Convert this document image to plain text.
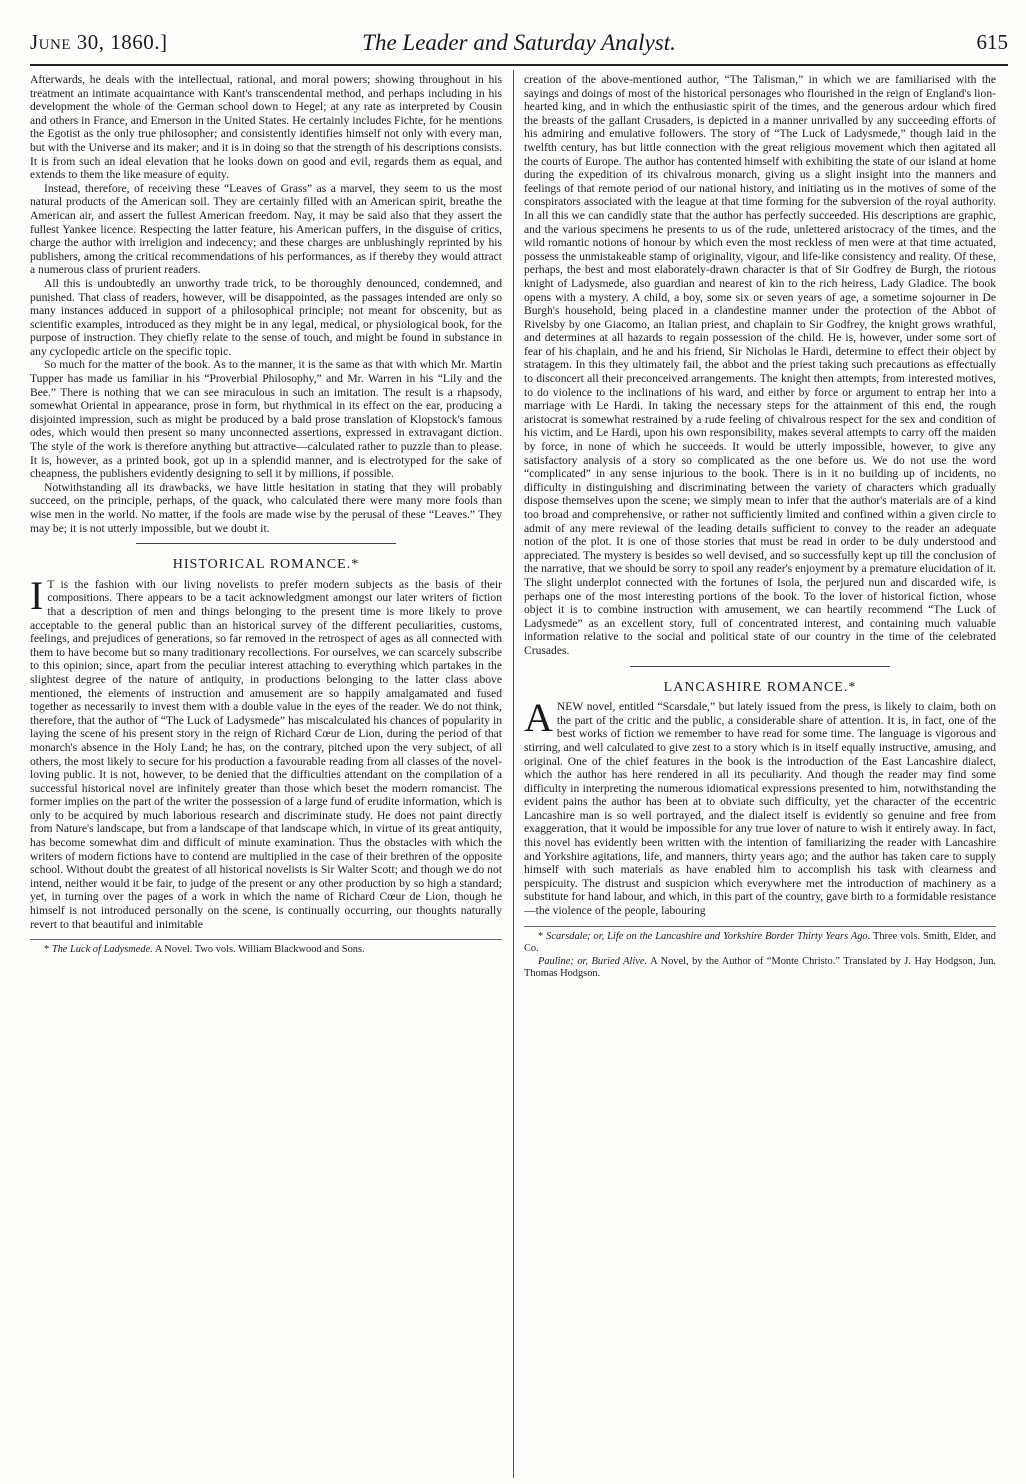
June 30, 1860.]	The Leader and Saturday Analyst.	615

Afterwards, he deals with the intellectual, rational, and moral powers; showing throughout in his treatment an intimate acquaintance with Kant's transcendental method, and perhaps including in his development the whole of the German school down to Hegel; at any rate as interpreted by Cousin and others in France, and Emerson in the United States. He certainly includes Fichte, for he mentions the Egotist as the only true philosopher; and consistently identifies himself not only with every man, but with the Universe and its maker; and it is in doing so that the strength of his descriptions consists. It is from such an ideal elevation that he looks down on good and evil, regards them as equal, and extends to them the like measure of equity.

Instead, therefore, of receiving these “Leaves of Grass” as a marvel, they seem to us the most natural products of the American soil. They are certainly filled with an American spirit, breathe the American air, and assert the fullest American freedom. Nay, it may be said also that they assert the fullest Yankee licence. Respecting the latter feature, his American puffers, in the disguise of critics, charge the author with irreligion and indecency; and these charges are unblushingly reprinted by his publishers, among the critical recommendations of his performances, as if thereby they would attract a numerous class of prurient readers.

All this is undoubtedly an unworthy trade trick, to be thoroughly denounced, condemned, and punished. That class of readers, however, will be disappointed, as the passages intended are only so many instances adduced in support of a philosophical principle; not meant for obscenity, but as scientific examples, introduced as they might be in any legal, medical, or physiological book, for the purpose of instruction. They chiefly relate to the sense of touch, and might be found in substance in any cyclopedic article on the specific topic.

So much for the matter of the book. As to the manner, it is the same as that with which Mr. Martin Tupper has made us familiar in his “Proverbial Philosophy,” and Mr. Warren in his “Lily and the Bee.” There is nothing that we can see miraculous in such an imitation. The result is a rhapsody, somewhat Oriental in appearance, prose in form, but rhythmical in its effect on the ear, producing a disjointed impression, such as might be produced by a bald prose translation of Klopstock's famous odes, which would then present so many unconnected assertions, expressed in extravagant diction. The style of the work is therefore anything but attractive—calculated rather to puzzle than to please. It is, however, as a printed book, got up in a splendid manner, and is electrotyped for the sake of cheapness, the publishers evidently designing to sell it by millions, if possible.

Notwithstanding all its drawbacks, we have little hesitation in stating that they will probably succeed, on the principle, perhaps, of the quack, who calculated there were many more fools than wise men in the world. No matter, if the fools are made wise by the perusal of these “Leaves.” They may be; it is not utterly impossible, but we doubt it.

HISTORICAL ROMANCE.*

I T is the fashion with our living novelists to prefer modern subjects as the basis of their compositions. There appears to be a tacit acknowledgment amongst our later writers of fiction that a description of men and things belonging to the present time is more likely to prove acceptable to the general public than an historical survey of the different peculiarities, customs, feelings, and prejudices of generations, so far removed in the retrospect of ages as all connected with them to have become but so many traditionary recollections. For ourselves, we can scarcely subscribe to this opinion; since, apart from the peculiar interest attaching to everything which partakes in the slightest degree of the nature of antiquity, in productions belonging to the latter class above mentioned, the elements of instruction and amusement are so happily amalgamated and fused together as necessarily to invest them with a double value in the eyes of the reader. We do not think, therefore, that the author of “The Luck of Ladysmede” has miscalculated his chances of popularity in laying the scene of his present story in the reign of Richard Cœur de Lion, during the period of that monarch's absence in the Holy Land; he has, on the contrary, pitched upon the very subject, of all others, the most likely to secure for his production a favourable reading from all classes of the novel-loving public. It is not, however, to be denied that the difficulties attendant on the compilation of a successful historical novel are infinitely greater than those which beset the modern romancist. The former implies on the part of the writer the possession of a large fund of erudite information, which is only to be acquired by much laborious research and discriminate study. He does not paint directly from Nature's landscape, but from a landscape of that landscape which, in virtue of its great antiquity, has become somewhat dim and difficult of minute examination. Thus the obstacles with which the writers of modern fictions have to contend are multiplied in the case of their brethren of the opposite school. Without doubt the greatest of all historical novelists is Sir Walter Scott; and though we do not intend, neither would it be fair, to judge of the present or any other production by so high a standard; yet, in turning over the pages of a work in which the name of Richard Cœur de Lion, though he himself is not introduced personally on the scene, is continually occurring, our thoughts naturally revert to that beautiful and inimitable

* The Luck of Ladysmede. A Novel. Two vols. William Blackwood and Sons.

creation of the above-mentioned author, “The Talisman,” in which we are familiarised with the sayings and doings of most of the historical personages who flourished in the reign of England's lion-hearted king, and in which the enthusiastic spirit of the times, and the generous ardour which fired the breasts of the gallant Crusaders, is depicted in a manner unrivalled by any succeeding efforts of his admiring and emulative followers. The story of “The Luck of Ladysmede,” though laid in the twelfth century, has but little connection with the great religious movement which then agitated all the courts of Europe. The author has contented himself with exhibiting the state of our island at home during the expedition of its chivalrous monarch, giving us a slight insight into the manners and feelings of that remote period of our national history, and initiating us in the motives of some of the conspirators associated with the league at that time forming for the subversion of the royal authority. In all this we can candidly state that the author has perfectly succeeded. His descriptions are graphic, and the various specimens he presents to us of the rude, unlettered aristocracy of the times, and the wild romantic notions of honour by which even the most reckless of men were at that time actuated, possess the unmistakeable stamp of originality, vigour, and life-like consistency and reality. Of these, perhaps, the best and most elaborately-drawn character is that of Sir Godfrey de Burgh, the riotous knight of Ladysmede, also guardian and nearest of kin to the rich heiress, Lady Gladice. The book opens with a mystery. A child, a boy, some six or seven years of age, a sometime sojourner in De Burgh's household, being placed in a clandestine manner under the protection of the Abbot of Rivelsby by one Giacomo, an Italian priest, and chaplain to Sir Godfrey, the knight grows wrathful, and determines at all hazards to regain possession of the child. He is, however, under some sort of fear of his chaplain, and he and his friend, Sir Nicholas le Hardi, determine to effect their object by stratagem. In this they ultimately fail, the abbot and the priest taking such precautions as effectually to disconcert all their preconceived arrangements. The knight then attempts, from interested motives, to do violence to the inclinations of his ward, and either by force or argument to entrap her into a marriage with Le Hardi. In taking the necessary steps for the attainment of this end, the rough aristocrat is somewhat restrained by a rude feeling of chivalrous respect for the sex and condition of his victim, and Le Hardi, upon his own responsibility, makes several attempts to carry off the maiden by force, in none of which he succeeds. It would be utterly impossible, however, to give any satisfactory analysis of a story so complicated as the one before us. We do not use the word “complicated” in any sense injurious to the book. There is in it no building up of incidents, no difficulty in distinguishing and discriminating between the variety of characters which gradually dispose themselves upon the scene; we simply mean to infer that the author's materials are of a kind too broad and comprehensive, or rather not sufficiently limited and confined within a given circle to admit of any mere reviewal of the leading details sufficient to convey to the reader an adequate notion of the plot. It is one of those stories that must be read in order to be duly understood and appreciated. The mystery is besides so well devised, and so successfully kept up till the conclusion of the narrative, that we should be sorry to spoil any reader's enjoyment by a premature elucidation of it. The slight underplot connected with the fortunes of Isola, the perjured nun and discarded wife, is perhaps one of the most interesting portions of the book. To the lover of historical fiction, whose object it is to combine instruction with amusement, we can heartily recommend “The Luck of Ladysmede” as an excellent story, full of concentrated interest, and containing much valuable information relative to the social and political state of our country in the time of the celebrated Crusades.

LANCASHIRE ROMANCE.*

ANEW novel, entitled “Scarsdale,” but lately issued from the press, is likely to claim, both on the part of the critic and the public, a considerable share of attention. It is, in fact, one of the best works of fiction we remember to have read for some time. The language is vigorous and stirring, and well calculated to give zest to a story which is in itself equally instructive, amusing, and original. One of the chief features in the book is the introduction of the East Lancashire dialect, which the author has here rendered in all its peculiarity. And though the reader may find some difficulty in interpreting the numerous idiomatical expressions presented to him, notwithstanding the evident pains the author has been at to obviate such difficulty, yet the character of the eccentric Lancashire man is so well portrayed, and the dialect itself is evidently so genuine and free from exaggeration, that it would be impossible for any true lover of nature to wish it entirely away. In fact, this novel has evidently been written with the intention of familiarizing the reader with Lancashire and Yorkshire agitations, life, and manners, thirty years ago; and the author has taken care to supply himself with such materials as have enabled him to accomplish his task with clearness and perspicuity. The distrust and suspicion which everywhere met the introduction of machinery as a substitute for hand labour, and which, in this part of the country, gave birth to a formidable resistance—the violence of the people, labouring

* Scarsdale; or, Life on the Lancashire and Yorkshire Border Thirty Years Ago. Three vols. Smith, Elder, and Co.

Pauline; or, Buried Alive. A Novel, by the Author of “Monte Christo.” Translated by J. Hay Hodgson, Jun. Thomas Hodgson.
